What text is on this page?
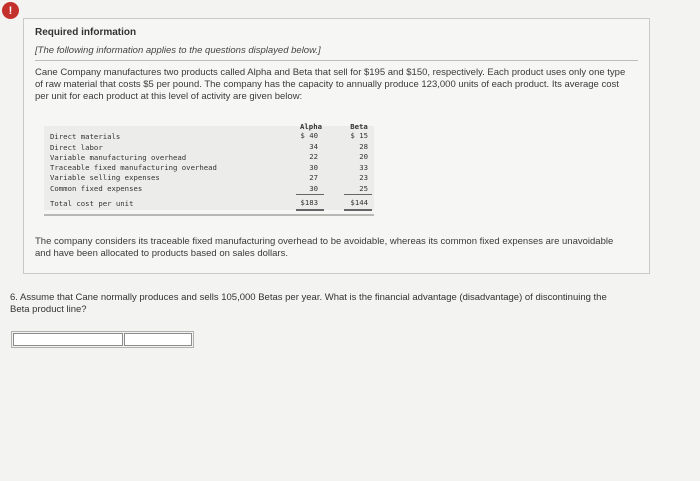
!
Required information
[The following information applies to the questions displayed below.]
Cane Company manufactures two products called Alpha and Beta that sell for $195 and $150, respectively. Each product uses only one type of raw material that costs $5 per pound. The company has the capacity to annually produce 123,000 units of each product. Its average cost per unit for each product at this level of activity are given below:
Alpha	Beta
Direct materials	$ 40	$ 15
Direct labor	34	28
Variable manufacturing overhead	22	20
Traceable fixed manufacturing overhead	30	33
Variable selling expenses	27	23
Common fixed expenses	30	25
Total cost per unit	$183	$144
The company considers its traceable fixed manufacturing overhead to be avoidable, whereas its common fixed expenses are unavoidable and have been allocated to products based on sales dollars.
6. Assume that Cane normally produces and sells 105,000 Betas per year. What is the financial advantage (disadvantage) of discontinuing the Beta product line?
